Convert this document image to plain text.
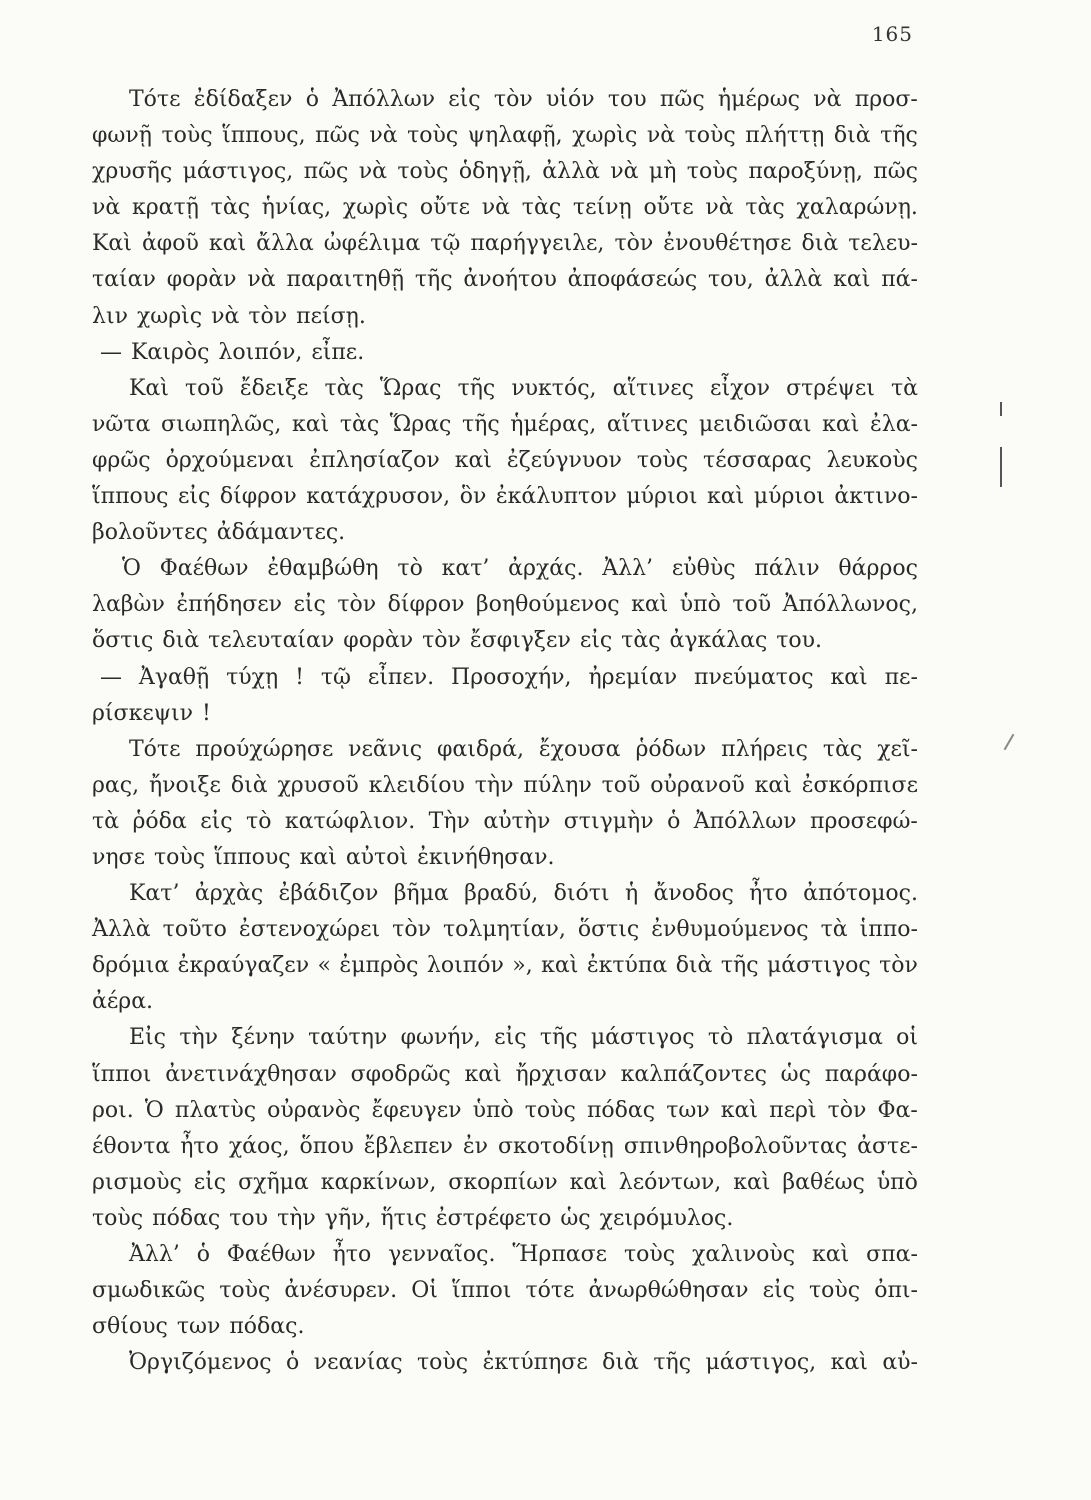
165
Τότε ἐδίδαξεν ὁ Ἀπόλλων εἰς τὸν υἱόν του πῶς ἡμέρως νὰ προσ-
φωνῇ τοὺς ἵππους, πῶς νὰ τοὺς ψηλαφῇ, χωρὶς νὰ τοὺς πλήττῃ διὰ τῆς
χρυσῆς μάστιγος, πῶς νὰ τοὺς ὁδηγῇ, ἀλλὰ νὰ μὴ τοὺς παροξύνῃ, πῶς
νὰ κρατῇ τὰς ἡνίας, χωρὶς οὔτε νὰ τὰς τείνῃ οὔτε νὰ τὰς χαλαρώνῃ.
Καὶ ἀφοῦ καὶ ἄλλα ὠφέλιμα τῷ παρήγγειλε, τὸν ἐνουθέτησε διὰ τελευ-
ταίαν φορὰν νὰ παραιτηθῇ τῆς ἀνοήτου ἀποφάσεώς του, ἀλλὰ καὶ πά-
λιν χωρὶς νὰ τὸν πείσῃ.
— Καιρὸς λοιπόν, εἶπε.
Καὶ τοῦ ἔδειξε τὰς Ὥρας τῆς νυκτός, αἵτινες εἶχον στρέψει τὰ
νῶτα σιωπηλῶς, καὶ τὰς Ὥρας τῆς ἡμέρας, αἵτινες μειδιῶσαι καὶ ἐλα-
φρῶς ὀρχούμεναι ἐπλησίαζον καὶ ἐζεύγνυον τοὺς τέσσαρας λευκοὺς
ἵππους εἰς δίφρον κατάχρυσον, ὃν ἐκάλυπτον μύριοι καὶ μύριοι ἀκτινο-
βολοῦντες ἀδάμαντες.
Ὁ Φαέθων ἐθαμβώθη τὸ κατ’ ἀρχάς. Ἀλλ’ εὐθὺς πάλιν θάρρος
λαβὼν ἐπήδησεν εἰς τὸν δίφρον βοηθούμενος καὶ ὑπὸ τοῦ Ἀπόλλωνος,
ὅστις διὰ τελευταίαν φορὰν τὸν ἔσφιγξεν εἰς τὰς ἀγκάλας του.
— Ἀγαθῇ τύχῃ ! τῷ εἶπεν. Προσοχήν, ἠρεμίαν πνεύματος καὶ πε-
ρίσκεψιν !
Τότε προύχώρησε νεᾶνις φαιδρά, ἔχουσα ῥόδων πλήρεις τὰς χεῖ-
ρας, ἤνοιξε διὰ χρυσοῦ κλειδίου τὴν πύλην τοῦ οὐρανοῦ καὶ ἐσκόρπισε
τὰ ῥόδα εἰς τὸ κατώφλιον. Τὴν αὐτὴν στιγμὴν ὁ Ἀπόλλων προσεφώ-
νησε τοὺς ἵππους καὶ αὐτοὶ ἐκινήθησαν.
Κατ’ ἀρχὰς ἐβάδιζον βῆμα βραδύ, διότι ἡ ἄνοδος ἦτο ἀπότομος.
Ἀλλὰ τοῦτο ἐστενοχώρει τὸν τολμητίαν, ὅστις ἐνθυμούμενος τὰ ἱππο-
δρόμια ἐκραύγαζεν « ἐμπρὸς λοιπόν », καὶ ἐκτύπα διὰ τῆς μάστιγος τὸν
ἀέρα.
Εἰς τὴν ξένην ταύτην φωνήν, εἰς τῆς μάστιγος τὸ πλατάγισμα οἱ
ἵπποι ἀνετινάχθησαν σφοδρῶς καὶ ἤρχισαν καλπάζοντες ὡς παράφο-
ροι. Ὁ πλατὺς οὐρανὸς ἔφευγεν ὑπὸ τοὺς πόδας των καὶ περὶ τὸν Φα-
έθοντα ἦτο χάος, ὅπου ἔβλεπεν ἐν σκοτοδίνῃ σπινθηροβολοῦντας ἀστε-
ρισμοὺς εἰς σχῆμα καρκίνων, σκορπίων καὶ λεόντων, καὶ βαθέως ὑπὸ
τοὺς πόδας του τὴν γῆν, ἥτις ἐστρέφετο ὡς χειρόμυλος.
Ἀλλ’ ὁ Φαέθων ἦτο γενναῖος. Ἥρπασε τοὺς χαλινοὺς καὶ σπα-
σμωδικῶς τοὺς ἀνέσυρεν. Οἱ ἵπποι τότε ἀνωρθώθησαν εἰς τοὺς ὀπι-
σθίους των πόδας.
Ὀργιζόμενος ὁ νεανίας τοὺς ἐκτύπησε διὰ τῆς μάστιγος, καὶ αὐ-
